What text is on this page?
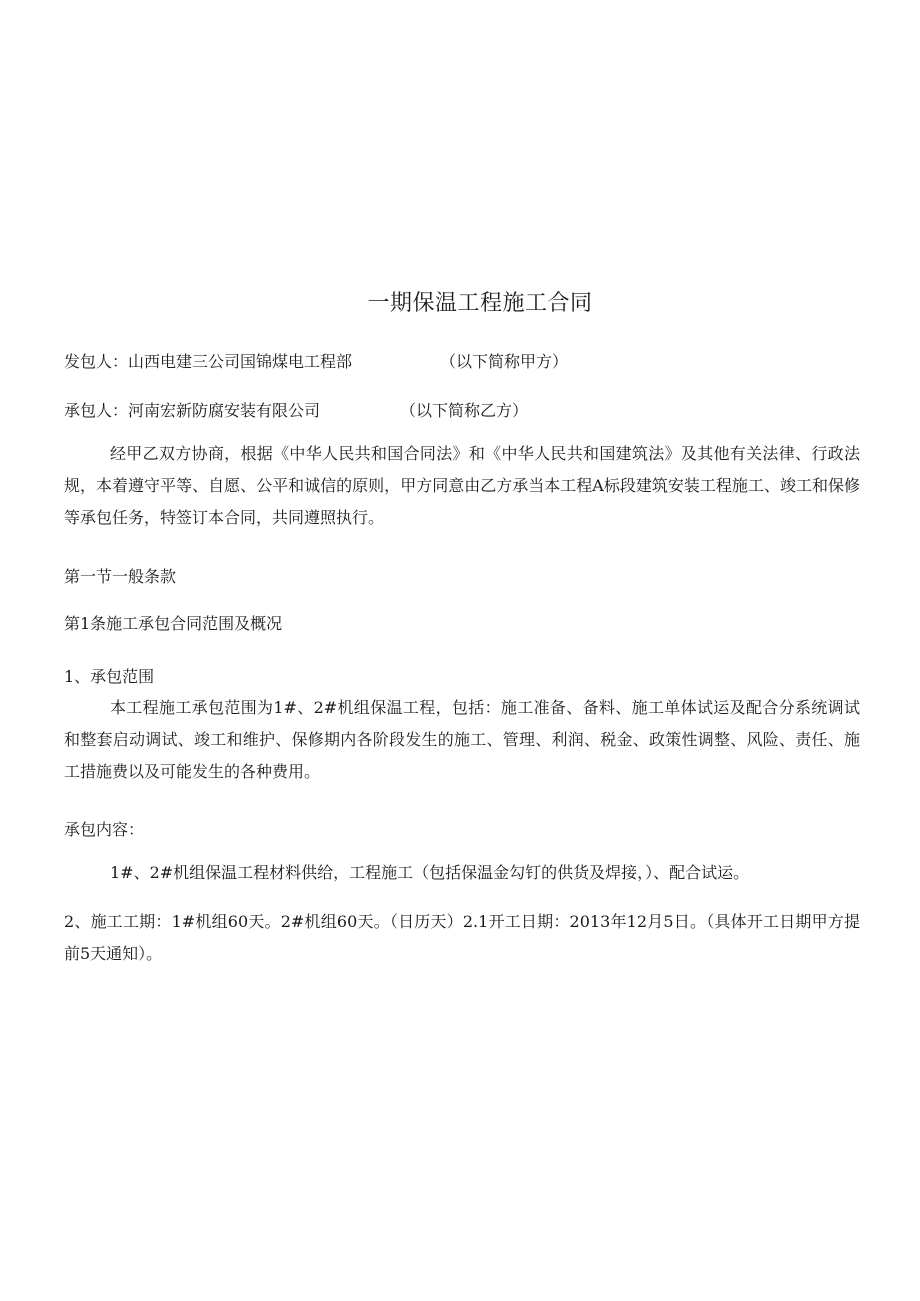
一期保温工程施工合同
发包人：山西电建三公司国锦煤电工程部	（以下简称甲方）
承包人：河南宏新防腐安装有限公司	（以下简称乙方）

经甲乙双方协商，根据《中华人民共和国合同法》和《中华人民共和国建筑法》及其他有关法律、行政法规，本着遵守平等、自愿、公平和诚信的原则，甲方同意由乙方承当本工程A标段建筑安装工程施工、竣工和保修等承包任务，特签订本合同，共同遵照执行。

第一节一般条款
第1条施工承包合同范围及概况
1、承包范围

本工程施工承包范围为1#、2#机组保温工程，包括：施工准备、备料、施工单体试运及配合分系统调试和整套启动调试、竣工和维护、保修期内各阶段发生的施工、管理、利润、税金、政策性调整、风险、责任、施工措施费以及可能发生的各种费用。

承包内容：

1#、2#机组保温工程材料供给，工程施工（包括保温金勾钉的供货及焊接，）、配合试运。

2、施工工期：1#机组60天。2#机组60天。（日历天）2.1开工日期：2013年12月5日。（具体开工日期甲方提前5天通知）。
